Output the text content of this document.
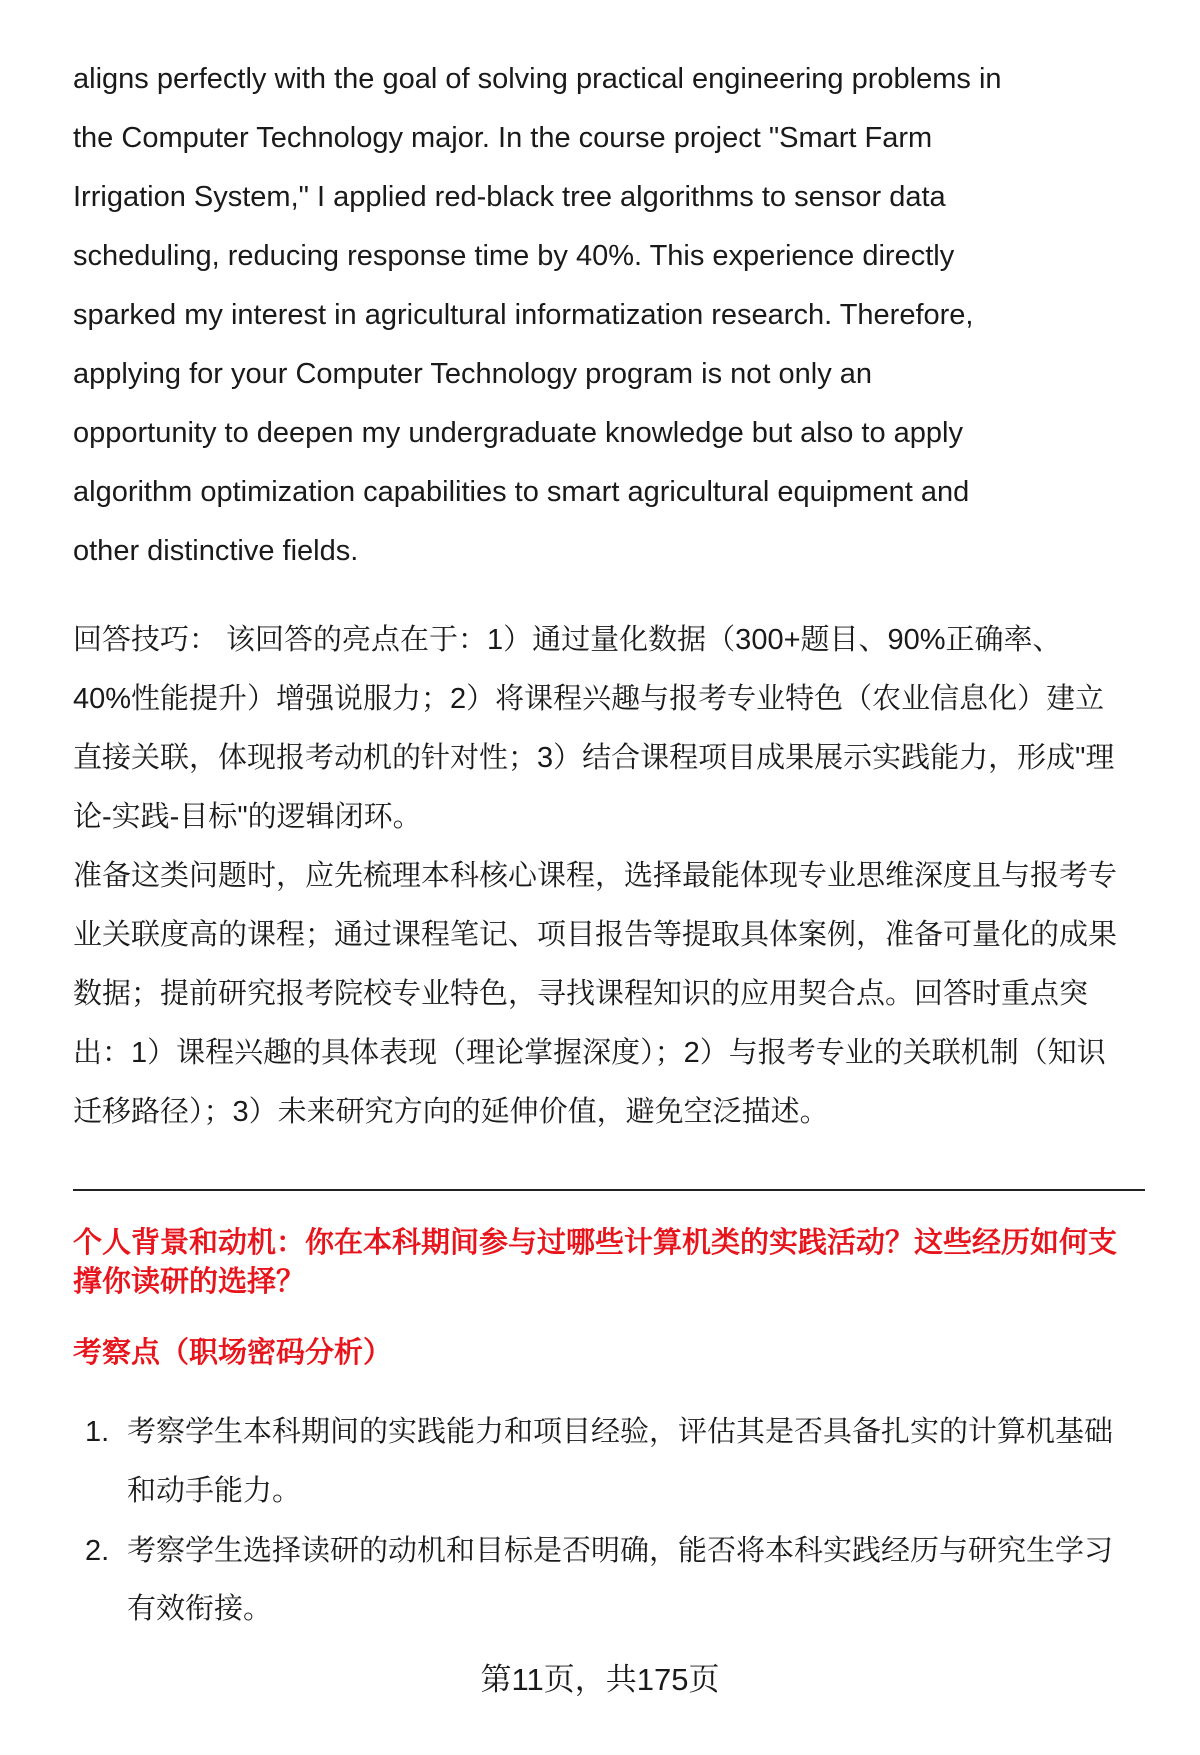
aligns perfectly with the goal of solving practical engineering problems in
the Computer Technology major. In the course project "Smart Farm
Irrigation System," I applied red-black tree algorithms to sensor data
scheduling, reducing response time by 40%. This experience directly
sparked my interest in agricultural informatization research. Therefore,
applying for your Computer Technology program is not only an
opportunity to deepen my undergraduate knowledge but also to apply
algorithm optimization capabilities to smart agricultural equipment and
other distinctive fields.
回答技巧： 该回答的亮点在于：1）通过量化数据（300+题目、90%正确率、
40%性能提升）增强说服力；2）将课程兴趣与报考专业特色（农业信息化）建立
直接关联，体现报考动机的针对性；3）结合课程项目成果展示实践能力，形成"理
论-实践-目标"的逻辑闭环。
准备这类问题时，应先梳理本科核心课程，选择最能体现专业思维深度且与报考专
业关联度高的课程；通过课程笔记、项目报告等提取具体案例，准备可量化的成果
数据；提前研究报考院校专业特色，寻找课程知识的应用契合点。回答时重点突
出：1）课程兴趣的具体表现（理论掌握深度）；2）与报考专业的关联机制（知识
迁移路径）；3）未来研究方向的延伸价值，避免空泛描述。
个人背景和动机：你在本科期间参与过哪些计算机类的实践活动？这些经历如何支
撑你读研的选择？
考察点（职场密码分析）
1. 考察学生本科期间的实践能力和项目经验，评估其是否具备扎实的计算机基础
和动手能力。
2. 考察学生选择读研的动机和目标是否明确，能否将本科实践经历与研究生学习
有效衔接。
第11页，共175页
